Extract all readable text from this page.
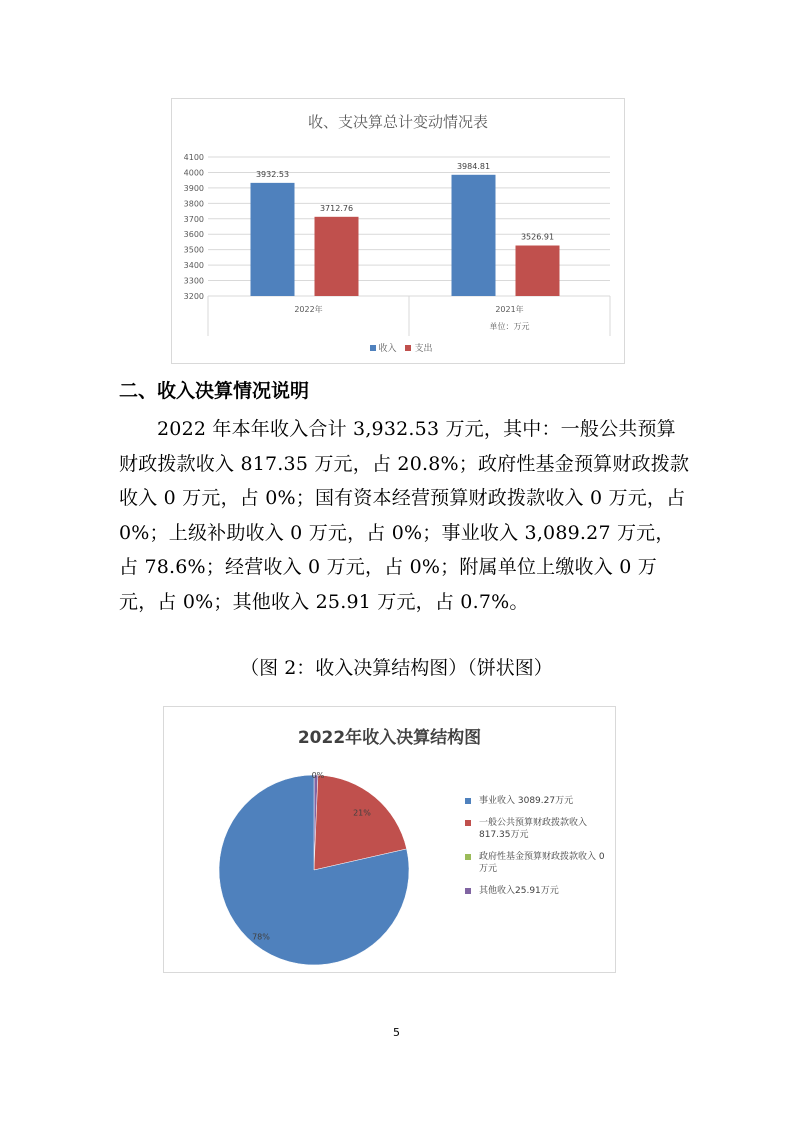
收、支决算总计变动情况表
3200
3300
3400
3500
3600
3700
3800
3900
4000
4100
3932.53
3712.76
2022年
3984.81
3526.91
2021年
单位：万元
收入 支出
二、收入决算情况说明

2022 年本年收入合计 3,932.53 万元，其中：一般公共预算财政拨款收入 817.35 万元，占 20.8%；政府性基金预算财政拨款收入 0 万元，占 0%；国有资本经营预算财政拨款收入 0 万元，占 0%；上级补助收入 0 万元，占 0%；事业收入 3,089.27 万元，占 78.6%；经营收入 0 万元，占 0%；附属单位上缴收入 0 万元，占 0%；其他收入 25.91 万元，占 0.7%。

（图 2：收入决算结构图）（饼状图）

2022年收入决算结构图
78%
21%
0%
事业收入 3089.27万元
一般公共预算财政拨款收入 817.35万元
政府性基金预算财政拨款收入 0万元
其他收入25.91万元
5
